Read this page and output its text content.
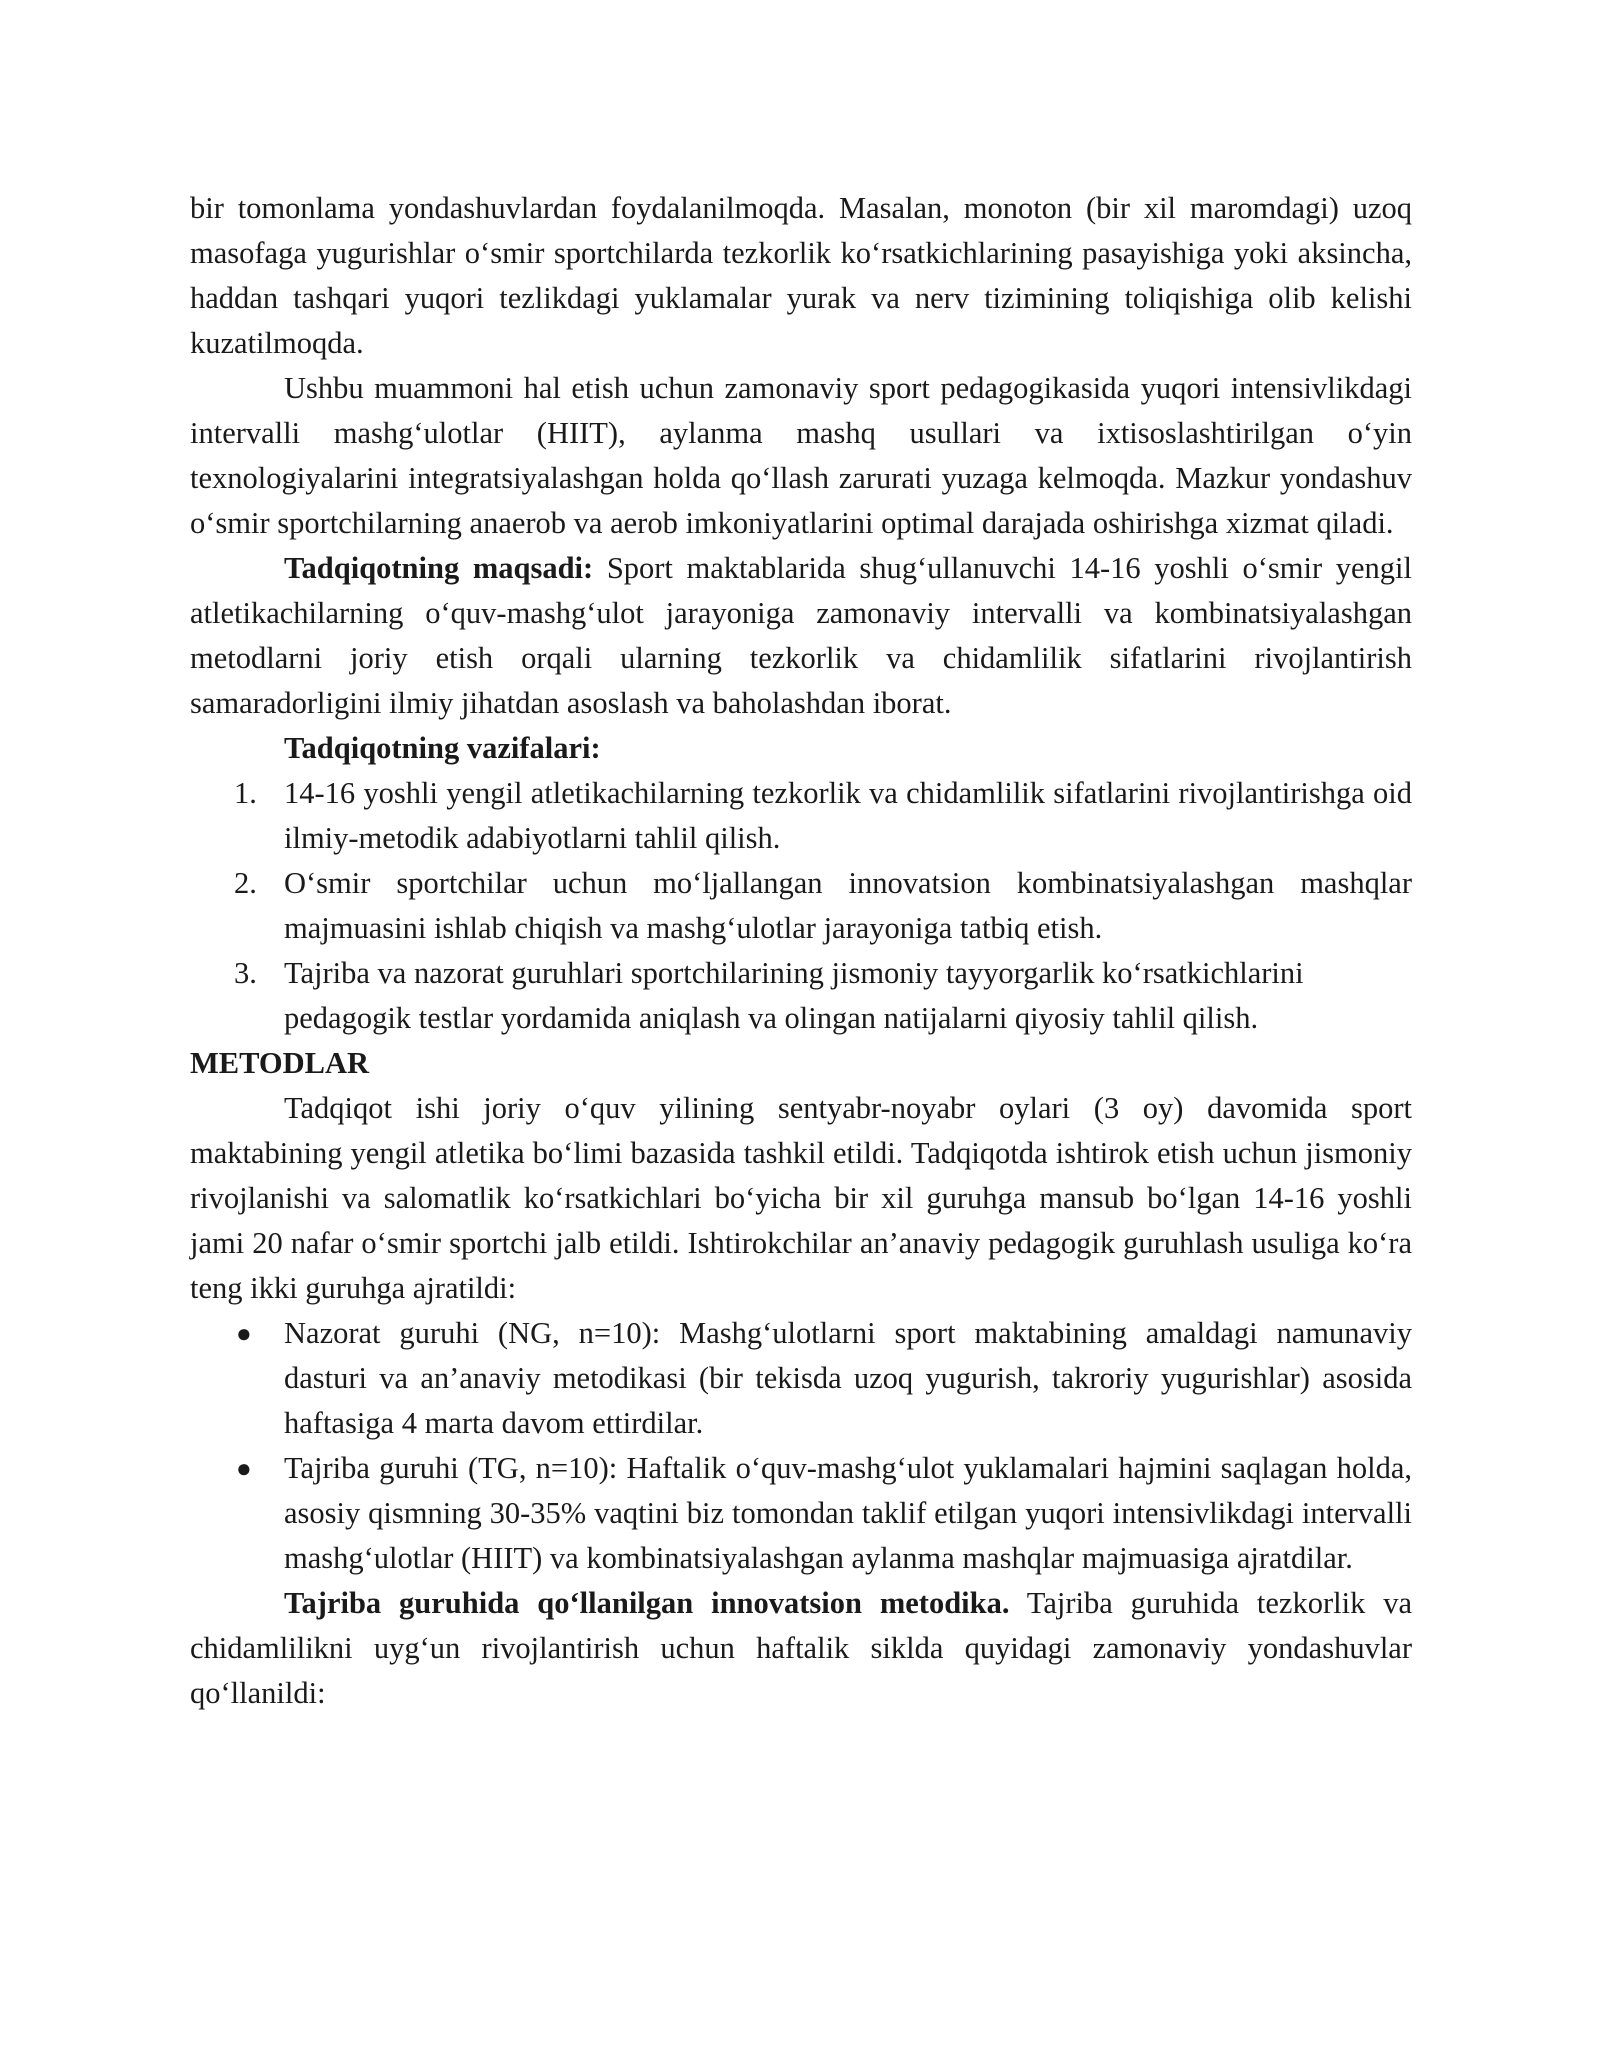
bir tomonlama yondashuvlardan foydalanilmoqda. Masalan, monoton (bir xil maromdagi) uzoq masofaga yugurishlar o‘smir sportchilarda tezkorlik ko‘rsatkichlarining pasayishiga yoki aksincha, haddan tashqari yuqori tezlikdagi yuklamalar yurak va nerv tizimining toliqishiga olib kelishi kuzatilmoqda.

Ushbu muammoni hal etish uchun zamonaviy sport pedagogikasida yuqori intensivlikdagi intervalli mashg‘ulotlar (HIIT), aylanma mashq usullari va ixtisoslashtirilgan o‘yin texnologiyalarini integratsiyalashgan holda qo‘llash zarurati yuzaga kelmoqda. Mazkur yondashuv o‘smir sportchilarning anaerob va aerob imkoniyatlarini optimal darajada oshirishga xizmat qiladi.

Tadqiqotning maqsadi: Sport maktablarida shug‘ullanuvchi 14-16 yoshli o‘smir yengil atletikachilarning o‘quv-mashg‘ulot jarayoniga zamonaviy intervalli va kombinatsiyalashgan metodlarni joriy etish orqali ularning tezkorlik va chidamlilik sifatlarini rivojlantirish samaradorligini ilmiy jihatdan asoslash va baholashdan iborat.

Tadqiqotning vazifalari:

1. 14-16 yoshli yengil atletikachilarning tezkorlik va chidamlilik sifatlarini rivojlantirishga oid ilmiy-metodik adabiyotlarni tahlil qilish.
2. O‘smir sportchilar uchun mo‘ljallangan innovatsion kombinatsiyalashgan mashqlar majmuasini ishlab chiqish va mashg‘ulotlar jarayoniga tatbiq etish.
3. Tajriba va nazorat guruhlari sportchilarining jismoniy tayyorgarlik ko‘rsatkichlarini pedagogik testlar yordamida aniqlash va olingan natijalarni qiyosiy tahlil qilish.
METODLAR

Tadqiqot ishi joriy o‘quv yilining sentyabr-noyabr oylari (3 oy) davomida sport maktabining yengil atletika bo‘limi bazasida tashkil etildi. Tadqiqotda ishtirok etish uchun jismoniy rivojlanishi va salomatlik ko‘rsatkichlari bo‘yicha bir xil guruhga mansub bo‘lgan 14-16 yoshli jami 20 nafar o‘smir sportchi jalb etildi. Ishtirokchilar an’anaviy pedagogik guruhlash usuliga ko‘ra teng ikki guruhga ajratildi:

● Nazorat guruhi (NG, n=10): Mashg‘ulotlarni sport maktabining amaldagi namunaviy dasturi va an’anaviy metodikasi (bir tekisda uzoq yugurish, takroriy yugurishlar) asosida haftasiga 4 marta davom ettirdilar.
● Tajriba guruhi (TG, n=10): Haftalik o‘quv-mashg‘ulot yuklamalari hajmini saqlagan holda, asosiy qismning 30-35% vaqtini biz tomondan taklif etilgan yuqori intensivlikdagi intervalli mashg‘ulotlar (HIIT) va kombinatsiyalashgan aylanma mashqlar majmuasiga ajratdilar.

Tajriba guruhida qo‘llanilgan innovatsion metodika. Tajriba guruhida tezkorlik va chidamlilikni uyg‘un rivojlantirish uchun haftalik siklda quyidagi zamonaviy yondashuvlar qo‘llanildi:
